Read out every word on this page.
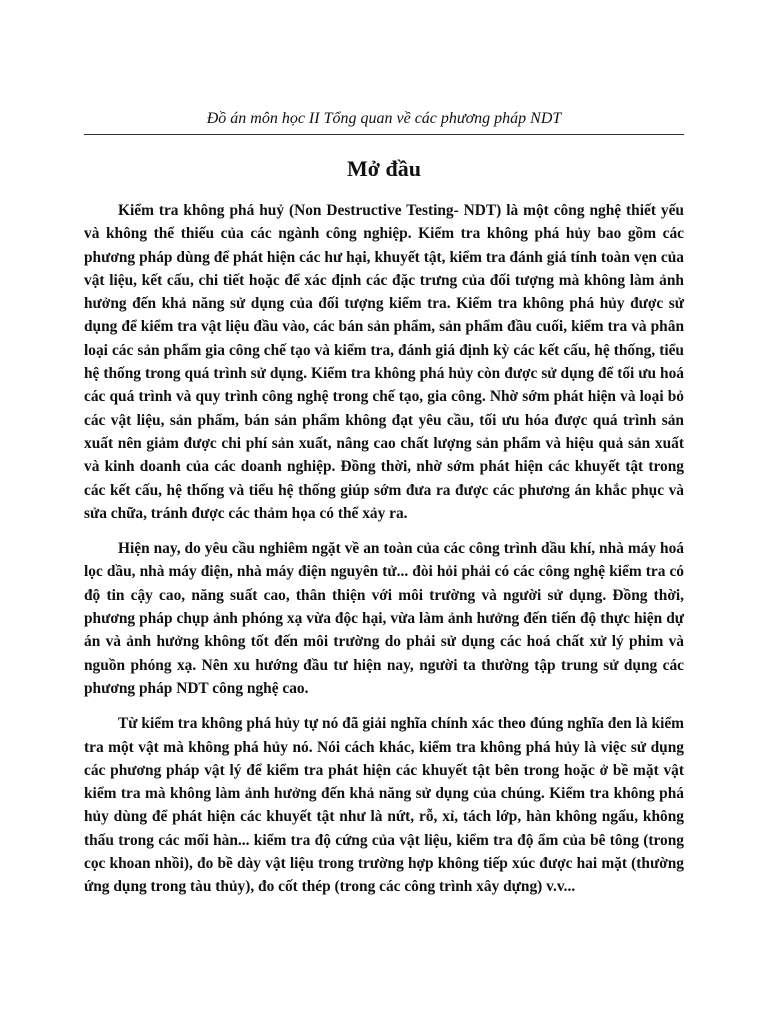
Đồ án môn học II Tổng quan về các phương pháp NDT
Mở đầu

Kiểm tra không phá huỷ (Non Destructive Testing- NDT) là một công nghệ thiết yếu và không thể thiếu của các ngành công nghiệp. Kiểm tra không phá hủy bao gồm các phương pháp dùng để phát hiện các hư hại, khuyết tật, kiểm tra đánh giá tính toàn vẹn của vật liệu, kết cấu, chi tiết hoặc để xác định các đặc trưng của đối tượng mà không làm ảnh hưởng đến khả năng sử dụng của đối tượng kiểm tra. Kiểm tra không phá hủy được sử dụng để kiểm tra vật liệu đầu vào, các bán sản phẩm, sản phẩm đầu cuối, kiểm tra và phân loại các sản phẩm gia công chế tạo và kiểm tra, đánh giá định kỳ các kết cấu, hệ thống, tiểu hệ thống trong quá trình sử dụng. Kiểm tra không phá hủy còn được sử dụng để tối ưu hoá các quá trình và quy trình công nghệ trong chế tạo, gia công. Nhờ sớm phát hiện và loại bỏ các vật liệu, sản phẩm, bán sản phẩm không đạt yêu cầu, tối ưu hóa được quá trình sản xuất nên giảm được chi phí sản xuất, nâng cao chất lượng sản phẩm và hiệu quả sản xuất và kinh doanh của các doanh nghiệp. Đồng thời, nhờ sớm phát hiện các khuyết tật trong các kết cấu, hệ thống và tiểu hệ thống giúp sớm đưa ra được các phương án khắc phục và sửa chữa, tránh được các thảm họa có thể xảy ra.

Hiện nay, do yêu cầu nghiêm ngặt về an toàn của các công trình dầu khí, nhà máy hoá lọc dầu, nhà máy điện, nhà máy điện nguyên tử... đòi hỏi phải có các công nghệ kiểm tra có độ tin cậy cao, năng suất cao, thân thiện với môi trường và người sử dụng. Đồng thời, phương pháp chụp ảnh phóng xạ vừa độc hại, vừa làm ảnh hưởng đến tiến độ thực hiện dự án và ảnh hưởng không tốt đến môi trường do phải sử dụng các hoá chất xử lý phim và nguồn phóng xạ. Nên xu hướng đầu tư hiện nay, người ta thường tập trung sử dụng các phương pháp NDT công nghệ cao.

Từ kiểm tra không phá hủy tự nó đã giải nghĩa chính xác theo đúng nghĩa đen là kiểm tra một vật mà không phá hủy nó. Nói cách khác, kiểm tra không phá hủy là việc sử dụng các phương pháp vật lý để kiểm tra phát hiện các khuyết tật bên trong hoặc ở bề mặt vật kiểm tra mà không làm ảnh hưởng đến khả năng sử dụng của chúng. Kiểm tra không phá hủy dùng để phát hiện các khuyết tật như là nứt, rỗ, xỉ, tách lớp, hàn không ngấu, không thấu trong các mối hàn... kiểm tra độ cứng của vật liệu, kiểm tra độ ẩm của bê tông (trong cọc khoan nhồi), đo bề dày vật liệu trong trường hợp không tiếp xúc được hai mặt (thường ứng dụng trong tàu thủy), đo cốt thép (trong các công trình xây dựng) v.v...
